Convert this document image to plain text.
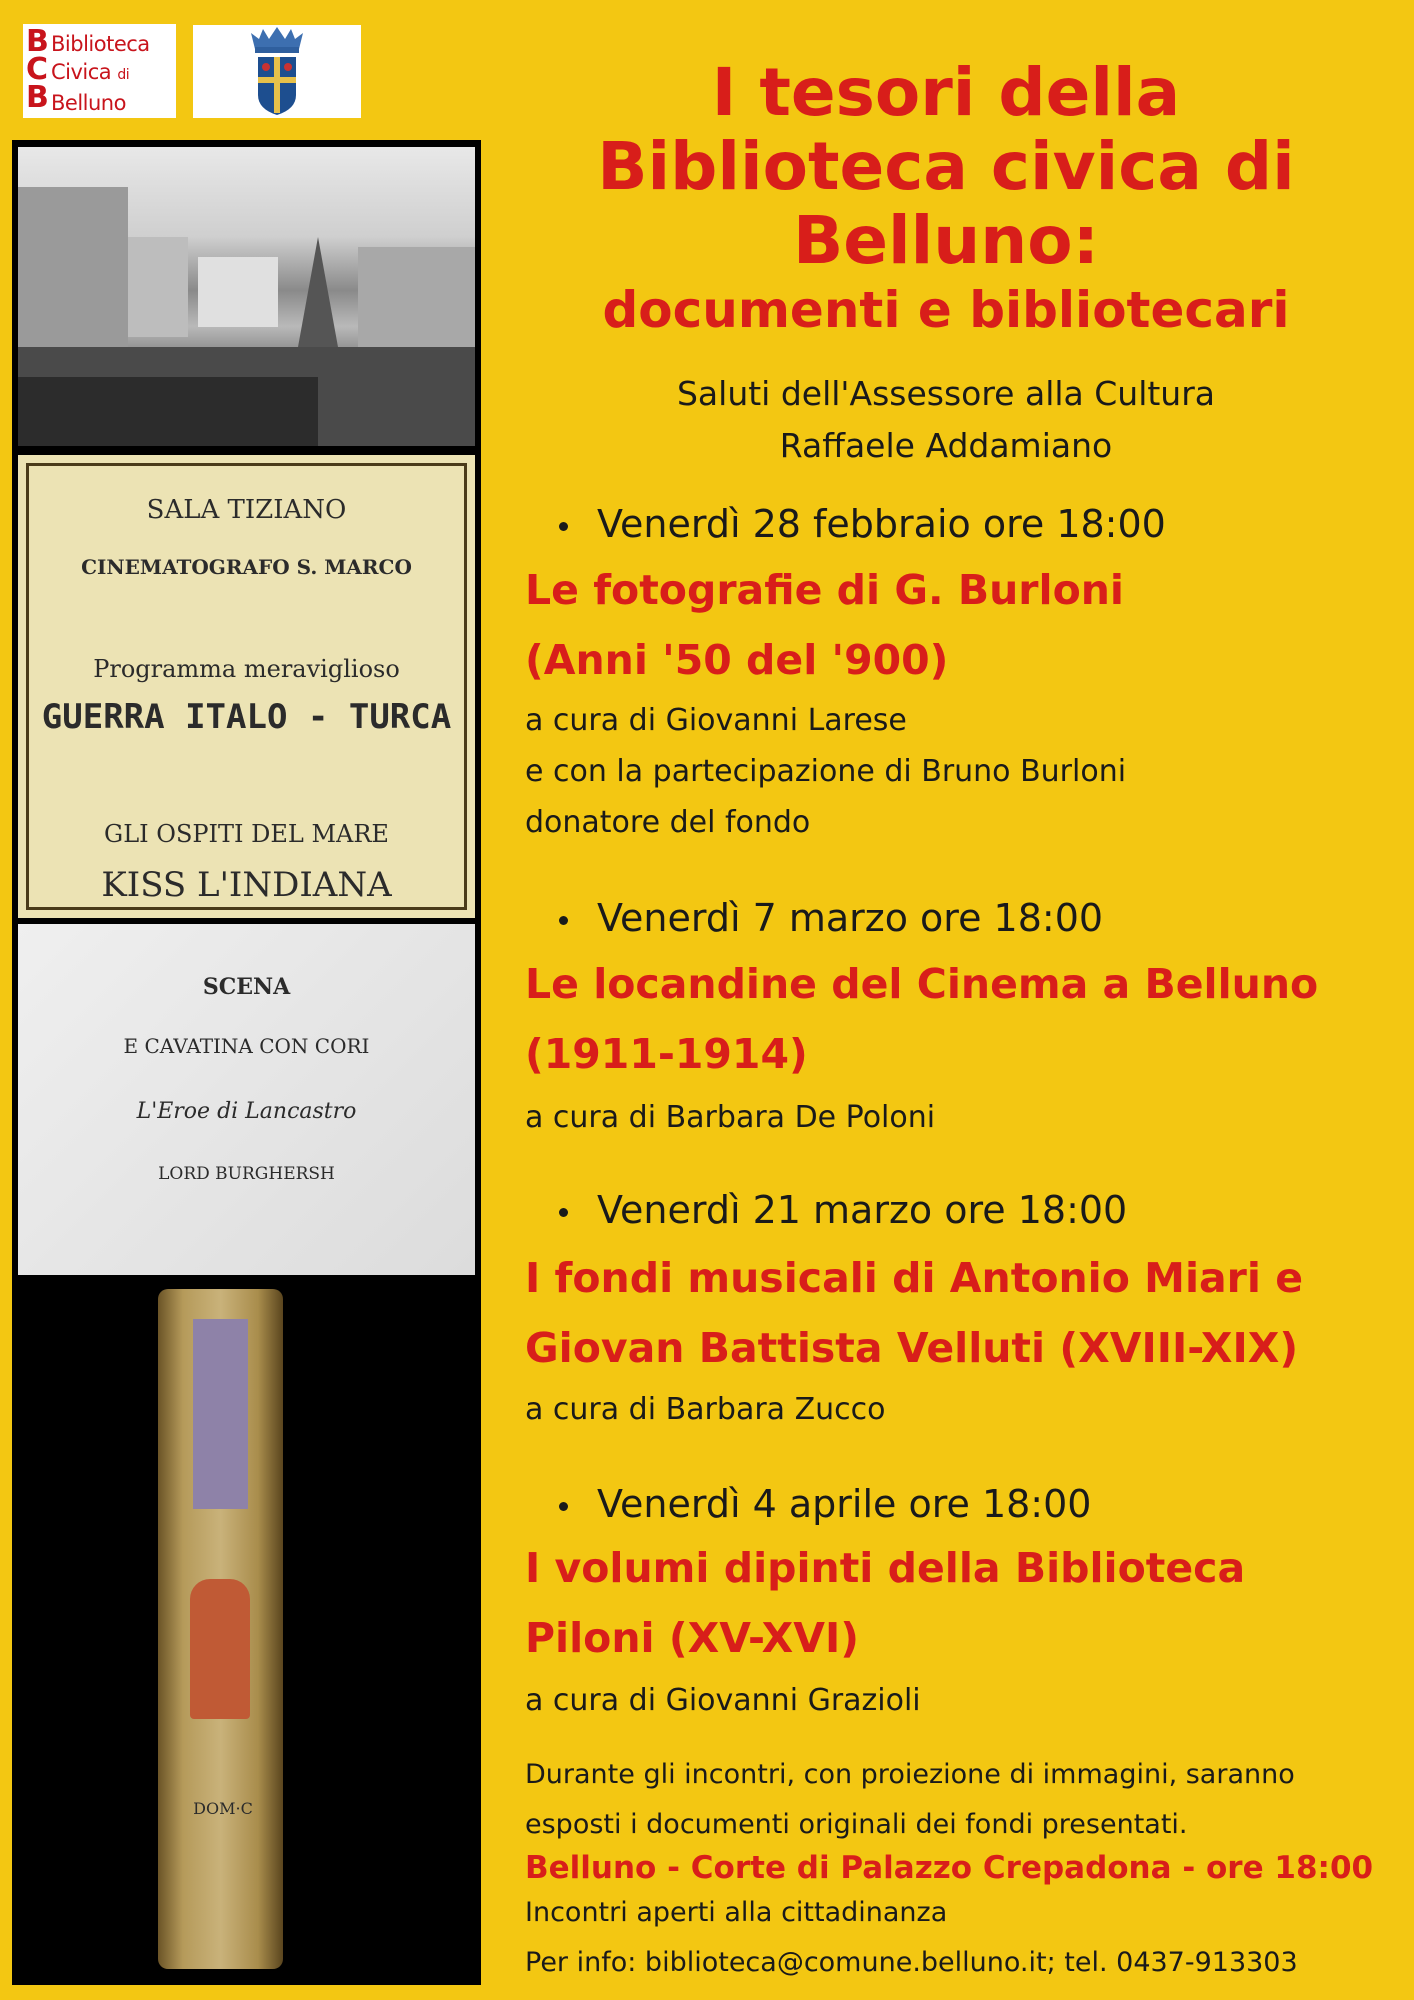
B
C
B
Biblioteca
Civica di
Belluno
SALA TIZIANO
CINEMATOGRAFO S. MARCO
Programma meraviglioso
GUERRA ITALO - TURCA
GLI OSPITI DEL MARE
KISS L'INDIANA
SCENA
E CAVATINA CON CORI
L'Eroe di Lancastro
LORD BURGHERSH
DOM·C
I tesori della
Biblioteca civica di
Belluno:
documenti e bibliotecari
Saluti dell'Assessore alla Cultura
Raffaele Addamiano
Venerdì 28 febbraio ore 18:00
Le fotografie di G. Burloni
(Anni '50 del '900)
a cura di Giovanni Larese
e con la partecipazione di Bruno Burloni
donatore del fondo
Venerdì 7 marzo ore 18:00
Le locandine del Cinema a Belluno
(1911-1914)
a cura di Barbara De Poloni
Venerdì 21 marzo ore 18:00
I fondi musicali di Antonio Miari e
Giovan Battista Velluti (XVIII-XIX)
a cura di Barbara Zucco
Venerdì 4 aprile ore 18:00
I volumi dipinti della Biblioteca
Piloni (XV-XVI)
a cura di Giovanni Grazioli
Durante gli incontri, con proiezione di immagini, saranno
esposti i documenti originali dei fondi presentati.
Belluno - Corte di Palazzo Crepadona - ore 18:00
Incontri aperti alla cittadinanza
Per info: biblioteca@comune.belluno.it; tel. 0437-913303
